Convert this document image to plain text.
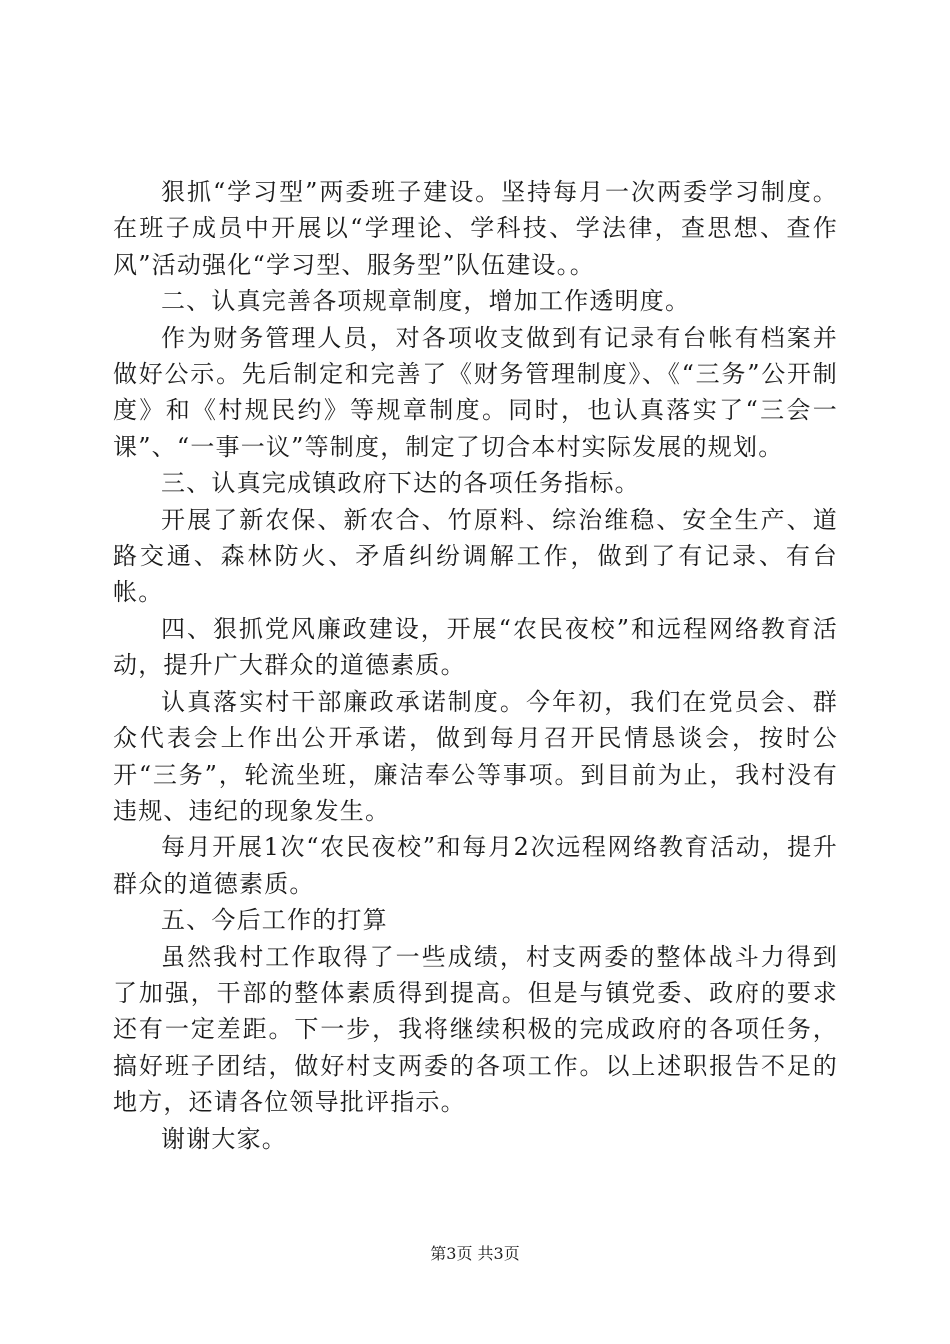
狠抓“学习型”两委班子建设。坚持每月一次两委学习制度。在班子成员中开展以“学理论、学科技、学法律，查思想、查作风”活动强化“学习型、服务型”队伍建设。。

二、认真完善各项规章制度，增加工作透明度。

作为财务管理人员，对各项收支做到有记录有台帐有档案并做好公示。先后制定和完善了《财务管理制度》、《“三务”公开制度》和《村规民约》等规章制度。同时，也认真落实了“三会一课”、“一事一议”等制度，制定了切合本村实际发展的规划。

三、认真完成镇政府下达的各项任务指标。

开展了新农保、新农合、竹原料、综治维稳、安全生产、道路交通、森林防火、矛盾纠纷调解工作，做到了有记录、有台帐。

四、狠抓党风廉政建设，开展“农民夜校”和远程网络教育活动，提升广大群众的道德素质。

认真落实村干部廉政承诺制度。今年初，我们在党员会、群众代表会上作出公开承诺，做到每月召开民情恳谈会，按时公开“三务”，轮流坐班，廉洁奉公等事项。到目前为止，我村没有违规、违纪的现象发生。

每月开展1次“农民夜校”和每月2次远程网络教育活动，提升群众的道德素质。

五、今后工作的打算

虽然我村工作取得了一些成绩，村支两委的整体战斗力得到了加强，干部的整体素质得到提高。但是与镇党委、政府的要求还有一定差距。下一步，我将继续积极的完成政府的各项任务，搞好班子团结，做好村支两委的各项工作。以上述职报告不足的地方，还请各位领导批评指示。

谢谢大家。

第3页 共3页
